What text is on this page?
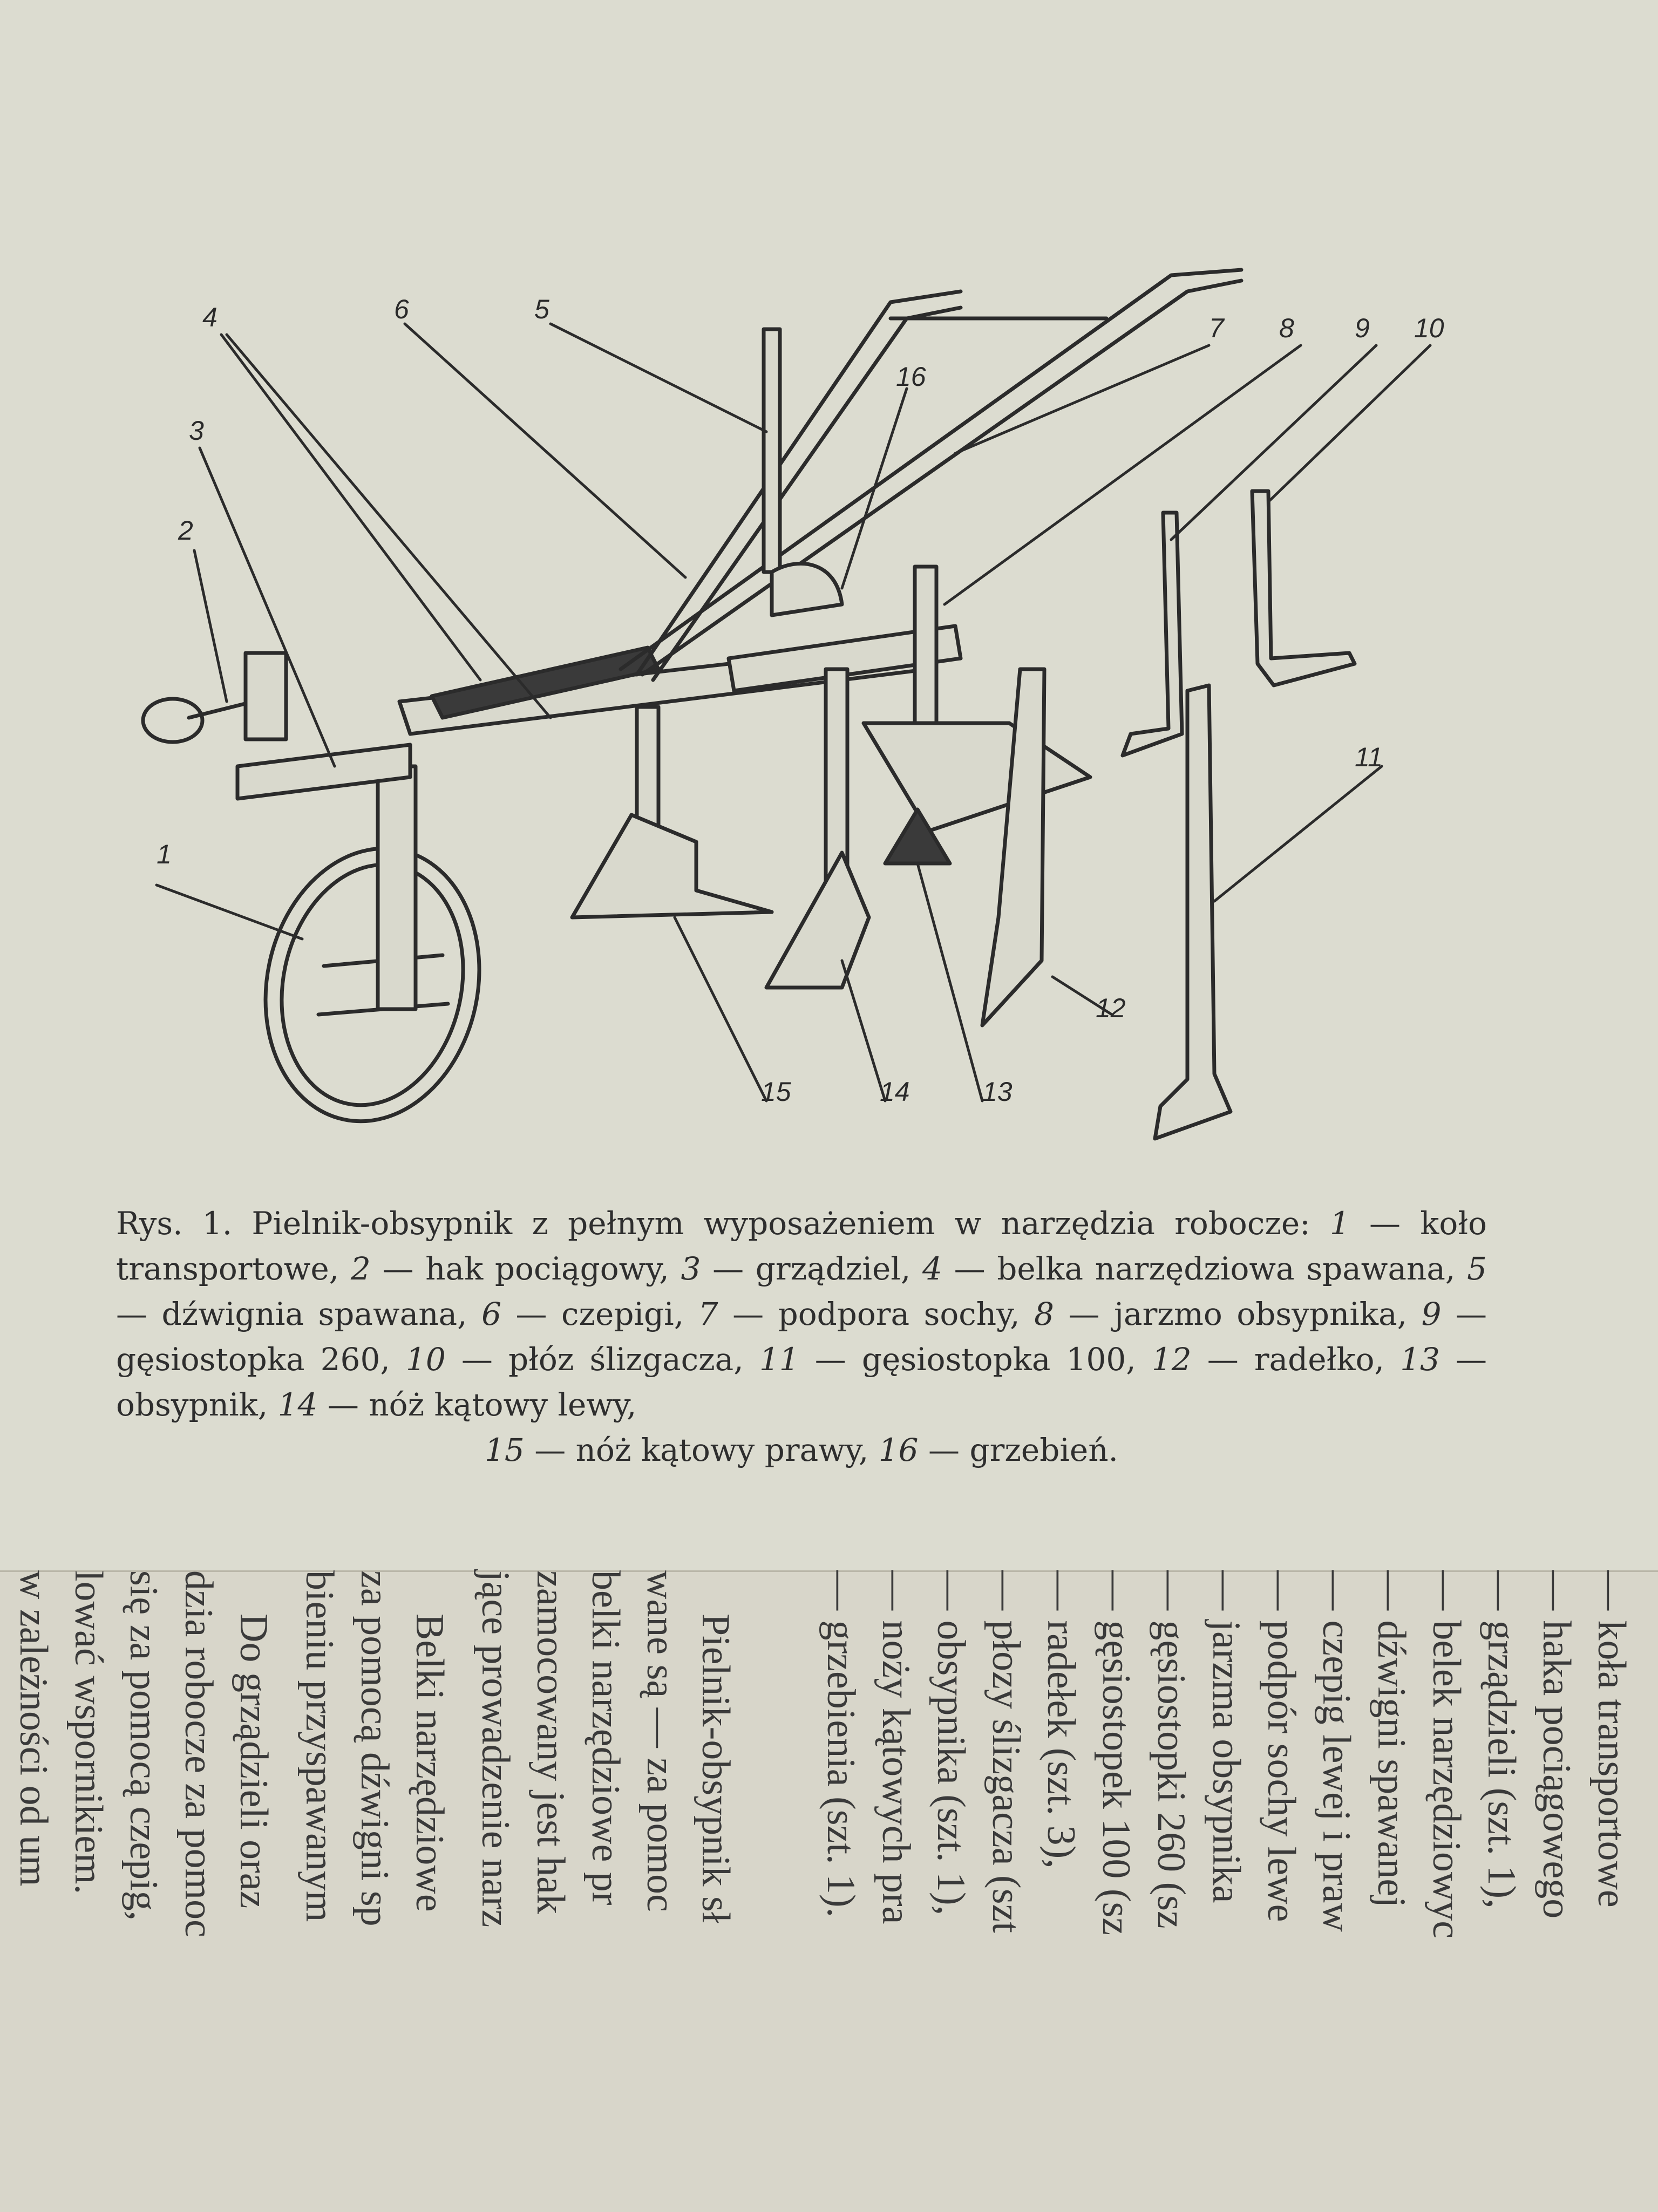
1
2
3
4	5
6
7 8 9 10
11
12
13
14
15
16
Rys. 1. Pielnik-obsypnik z pełnym wyposażeniem w narzędzia robocze: 1 — koło transportowe, 2 — hak pociągowy, 3 — grządziel, 4 — belka narzędziowa spawana, 5 — dźwignia spawana, 6 — czepigi, 7 — podpora sochy, 8 — jarzmo obsypnika, 9 — gęsiostopka 260, 10 — płóz ślizgacza, 11 — gęsiostopka 100, 12 — radełko, 13 — obsypnik, 14 — nóż kątowy lewy,
15 — nóż kątowy prawy, 16 — grzebień.
— koła transportowe
— haka pociągowego
— grządzieli (szt. 1),
— belek narzędziowyc
— dźwigni spawanej
— czepig lewej i praw
— podpór sochy lewe
— jarzma obsypnika
— gęsiostopki 260 (sz
— gęsiostopek 100 (sz
— radełek (szt. 3),
— płozy ślizgacza (szt
— obsypnika (szt. 1),
— noży kątowych pra
— grzebienia (szt. 1).
Pielnik-obsypnik sł
wane są — za pomoc
belki narzędziowe pr
zamocowany jest hak
jące prowadzenie narz
Belki narzędziowe
za pomocą dźwigni sp
bieniu przyspawanym
Do grządzieli oraz
dzia robocze za pomoc
się za pomocą czepig,
lować wspornikiem.
w zależności od um
